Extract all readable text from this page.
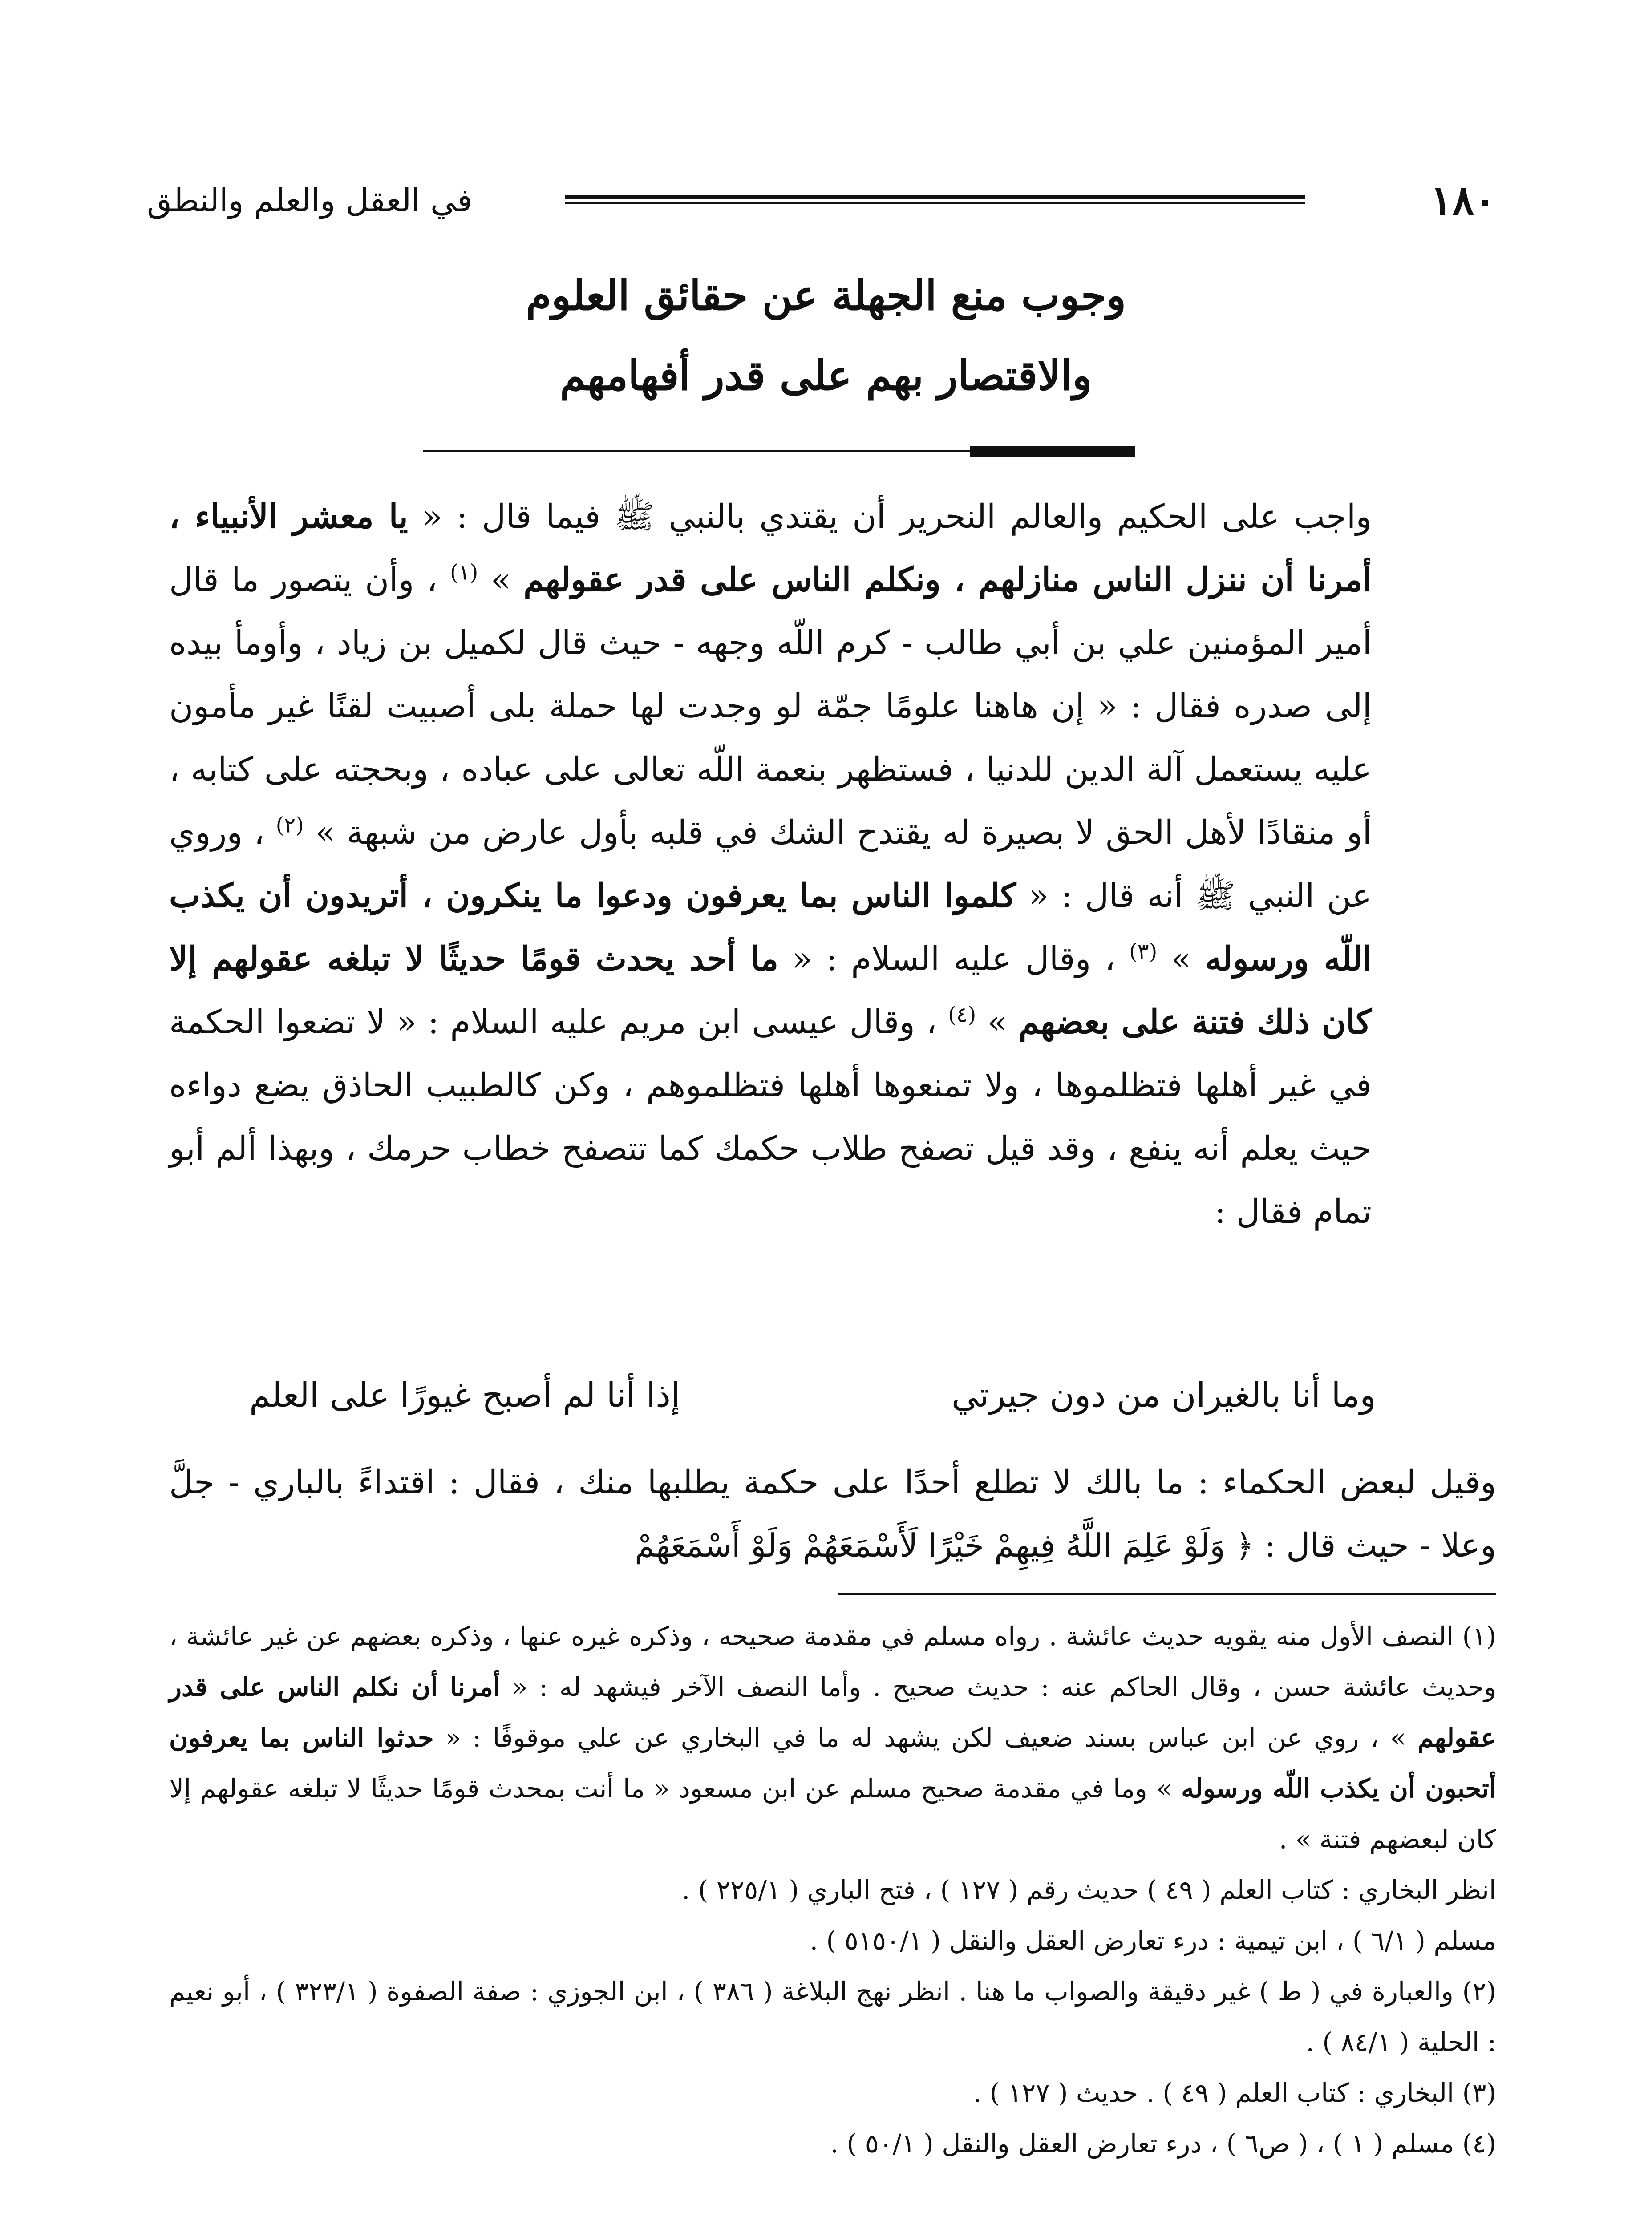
١٨٠
في العقل والعلم والنطق
وجوب منع الجهلة عن حقائق العلوم
والاقتصار بهم على قدر أفهامهم

واجب على الحكيم والعالم النحرير أن يقتدي بالنبي ﷺ فيما قال : « يا معشر الأنبياء ، أمرنا أن ننزل الناس منازلهم ، ونكلم الناس على قدر عقولهم » $^{(١)}$ ، وأن يتصور ما قال أمير المؤمنين علي بن أبي طالب - كرم اللّه وجهه - حيث قال لكميل بن زياد ، وأومأ بيده إلى صدره فقال : « إن هاهنا علومًا جمّة لو وجدت لها حملة بلى أصبيت لقنًا غير مأمون عليه يستعمل آلة الدين للدنيا ، فستظهر بنعمة اللّه تعالى على عباده ، وبحجته على كتابه ، أو منقادًا لأهل الحق لا بصيرة له يقتدح الشك في قلبه بأول عارض من شبهة » $^{(٢)}$ ، وروي عن النبي ﷺ أنه قال : « كلموا الناس بما يعرفون ودعوا ما ينكرون ، أتريدون أن يكذب اللّه ورسوله » $^{(٣)}$ ، وقال عليه السلام : « ما أحد يحدث قومًا حديثًا لا تبلغه عقولهم إلا كان ذلك فتنة على بعضهم » $^{(٤)}$ ، وقال عيسى ابن مريم عليه السلام : « لا تضعوا الحكمة في غير أهلها فتظلموها ، ولا تمنعوها أهلها فتظلموهم ، وكن كالطبيب الحاذق يضع دواءه حيث يعلم أنه ينفع ، وقد قيل تصفح طلاب حكمك كما تتصفح خطاب حرمك ، وبهذا ألم أبو تمام فقال :

وما أنا بالغيران من دون جيرتي
إذا أنا لم أصبح غيورًا على العلم

وقيل لبعض الحكماء : ما بالك لا تطلع أحدًا على حكمة يطلبها منك ، فقال : اقتداءً بالباري - جلَّ وعلا - حيث قال : ﴿ وَلَوْ عَلِمَ اللَّهُ فِيهِمْ خَيْرًا لَأَسْمَعَهُمْ وَلَوْ أَسْمَعَهُمْ

(١) النصف الأول منه يقويه حديث عائشة . رواه مسلم في مقدمة صحيحه ، وذكره غيره عنها ، وذكره بعضهم عن غير عائشة ، وحديث عائشة حسن ، وقال الحاكم عنه : حديث صحيح . وأما النصف الآخر فيشهد له : « أمرنا أن نكلم الناس على قدر عقولهم » ، روي عن ابن عباس بسند ضعيف لكن يشهد له ما في البخاري عن علي موقوفًا : « حدثوا الناس بما يعرفون أتحبون أن يكذب اللّه ورسوله » وما في مقدمة صحيح مسلم عن ابن مسعود « ما أنت بمحدث قومًا حديثًا لا تبلغه عقولهم إلا كان لبعضهم فتنة » .

انظر البخاري : كتاب العلم ( ٤٩ ) حديث رقم ( ١٢٧ ) ، فتح الباري ( ٢٢٥/١ ) .

مسلم ( ٦/١ ) ، ابن تيمية : درء تعارض العقل والنقل ( ٥١٥٠/١ ) .

(٢) والعبارة في ( ط ) غير دقيقة والصواب ما هنا . انظر نهج البلاغة ( ٣٨٦ ) ، ابن الجوزي : صفة الصفوة ( ٣٢٣/١ ) ، أبو نعيم : الحلية ( ٨٤/١ ) .

(٣) البخاري : كتاب العلم ( ٤٩ ) . حديث ( ١٢٧ ) .

(٤) مسلم ( ١ ) ، ( ص٦ ) ، درء تعارض العقل والنقل ( ٥٠/١ ) .
